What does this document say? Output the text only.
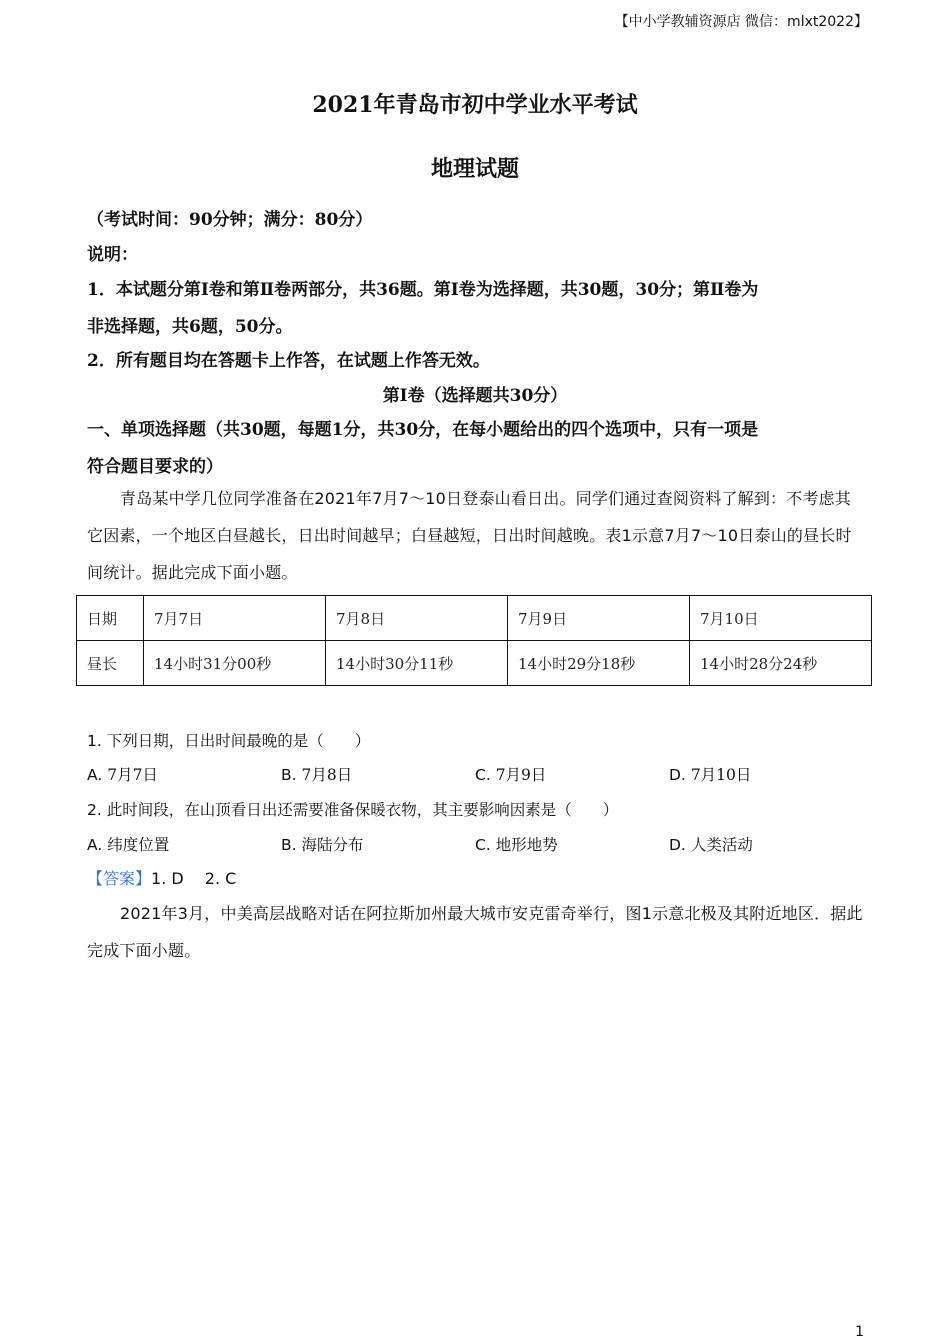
【中小学教辅资源店 微信：mlxt2022】
2021年青岛市初中学业水平考试
地理试题
（考试时间：90分钟；满分：80分）
说明：
1．本试题分第Ⅰ卷和第Ⅱ卷两部分，共36题。第Ⅰ卷为选择题，共30题，30分；第Ⅱ卷为
非选择题，共6题，50分。
2．所有题目均在答题卡上作答，在试题上作答无效。
第Ⅰ卷（选择题共30分）
一、单项选择题（共30题，每题1分，共30分，在每小题给出的四个选项中，只有一项是
符合题目要求的）
青岛某中学几位同学准备在2021年7月7～10日登泰山看日出。同学们通过查阅资料了解到：不考虑其它因素，一个地区白昼越长，日出时间越早；白昼越短，日出时间越晚。表1示意7月7～10日泰山的昼长时间统计。据此完成下面小题。
日期	7月7日	7月8日	7月9日	7月10日
昼长	14小时31分00秒	14小时30分11秒	14小时29分18秒	14小时28分24秒
1. 下列日期，日出时间最晚的是（　　）
A. 7月7日	B. 7月8日	C. 7月9日	D. 7月10日
2. 此时间段，在山顶看日出还需要准备保暖衣物，其主要影响因素是（　　）
A. 纬度位置	B. 海陆分布	C. 地形地势	D. 人类活动
【答案】1. D　 2. C
2021年3月，中美高层战略对话在阿拉斯加州最大城市安克雷奇举行，图1示意北极及其附近地区．据此完成下面小题。
1
